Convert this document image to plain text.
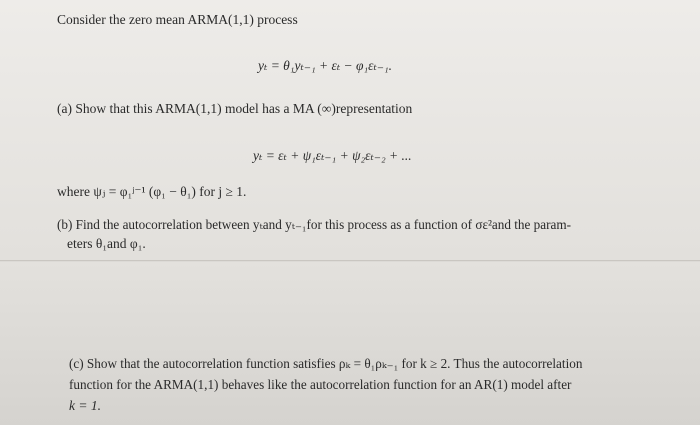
Consider the zero mean ARMA(1,1) process
yₜ = θ₁yₜ₋₁ + εₜ − φ₁εₜ₋₁.
(a) Show that this ARMA(1,1) model has a MA (∞)representation
yₜ = εₜ + ψ₁εₜ₋₁ + ψ₂εₜ₋₂ + ...
where ψⱼ = φ₁ʲ⁻¹ (φ₁ − θ₁) for j ≥ 1.
(b) Find the autocorrelation between yₜand yₜ₋₁for this process as a function of σε²and the param-
eters θ₁and φ₁.
(c) Show that the autocorrelation function satisfies ρₖ = θ₁ρₖ₋₁ for k ≥ 2. Thus the autocorrelation
function for the ARMA(1,1) behaves like the autocorrelation function for an AR(1) model after
k = 1.
